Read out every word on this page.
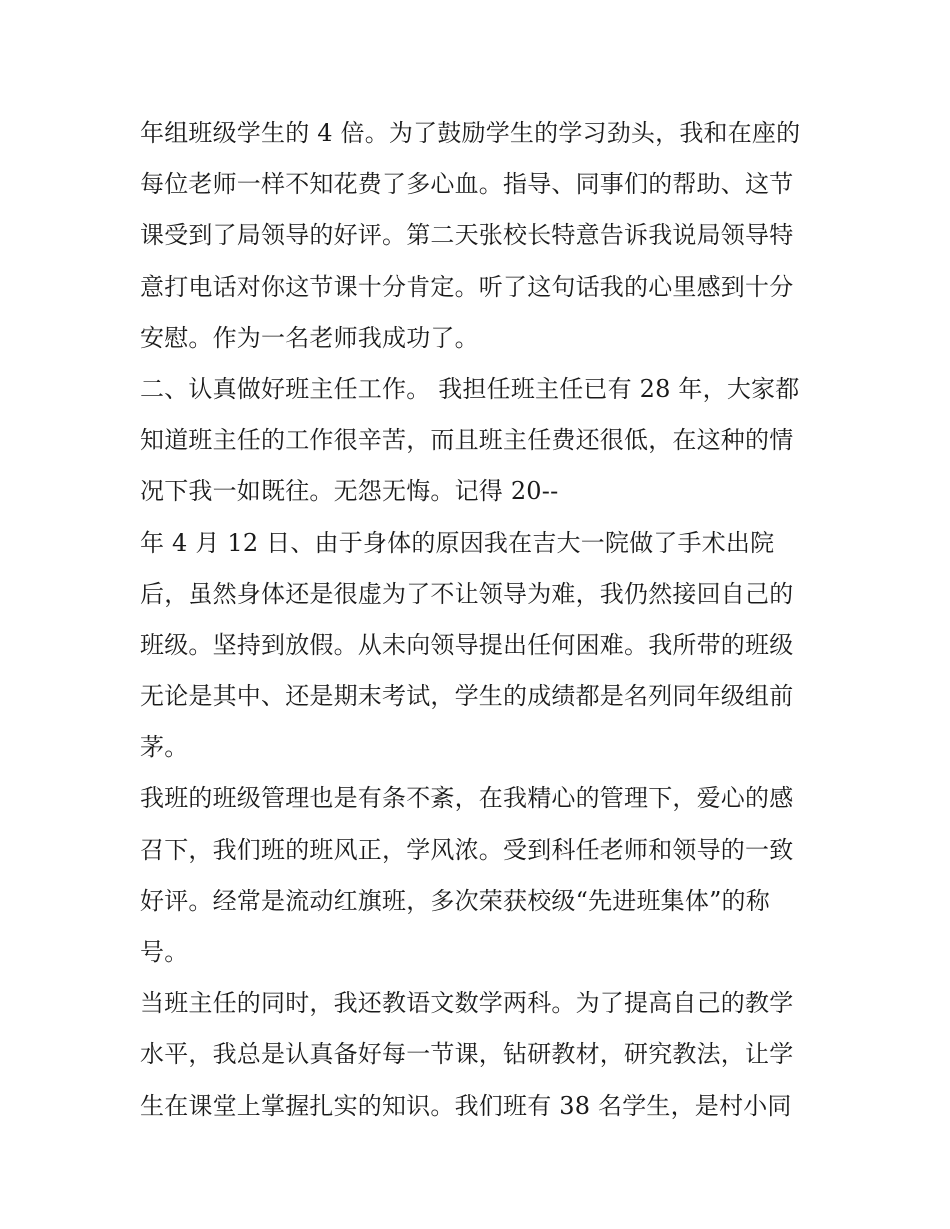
年组班级学生的 4 倍。为了鼓励学生的学习劲头，我和在座的
每位老师一样不知花费了多心血。指导、同事们的帮助、这节
课受到了局领导的好评。第二天张校长特意告诉我说局领导特
意打电话对你这节课十分肯定。听了这句话我的心里感到十分
安慰。作为一名老师我成功了。
二、认真做好班主任工作。 我担任班主任已有 28 年，大家都
知道班主任的工作很辛苦，而且班主任费还很低，在这种的情
况下我一如既往。无怨无悔。记得 20--
年 4 月 12 日、由于身体的原因我在吉大一院做了手术出院
后，虽然身体还是很虚为了不让领导为难，我仍然接回自己的
班级。坚持到放假。从未向领导提出任何困难。我所带的班级
无论是其中、还是期末考试，学生的成绩都是名列同年级组前
茅。
我班的班级管理也是有条不紊，在我精心的管理下，爱心的感
召下，我们班的班风正，学风浓。受到科任老师和领导的一致
好评。经常是流动红旗班，多次荣获校级“先进班集体”的称
号。
当班主任的同时，我还教语文数学两科。为了提高自己的教学
水平，我总是认真备好每一节课，钻研教材，研究教法，让学
生在课堂上掌握扎实的知识。我们班有 38 名学生，是村小同
